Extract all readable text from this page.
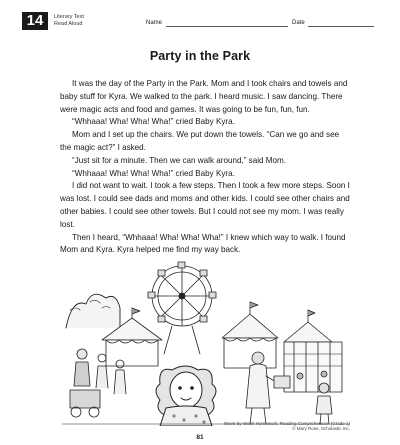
14	Literary Text
Read Aloud	Name	Date
Party in the Park

It was the day of the Party in the Park. Mom and I took chairs and towels and baby stuff for Kyra. We walked to the park. I heard music. I saw dancing. There were magic acts and food and games. It was going to be fun, fun, fun.

“Whhaaa! Wha! Wha! Wha!” cried Baby Kyra.

Mom and I set up the chairs. We put down the towels. “Can we go and see the magic act?” I asked.

“Just sit for a minute. Then we can walk around,” said Mom.

“Whhaaa! Wha! Wha! Wha!” cried Baby Kyra.

I did not want to wait. I took a few steps. Then I took a few more steps. Soon I was lost. I could see dads and moms and other kids. I could see other chairs and other babies. I could see other towels. But I could not see my mom. I was really lost.

Then I heard, “Whhaaa! Wha! Wha! Wha!” I knew which way to walk. I found Mom and Kyra. Kyra helped me find my way back.

Week-by-Week Homework: Reading Comprehension (Grade 1)
© Mary Rose, Scholastic Inc.
81
